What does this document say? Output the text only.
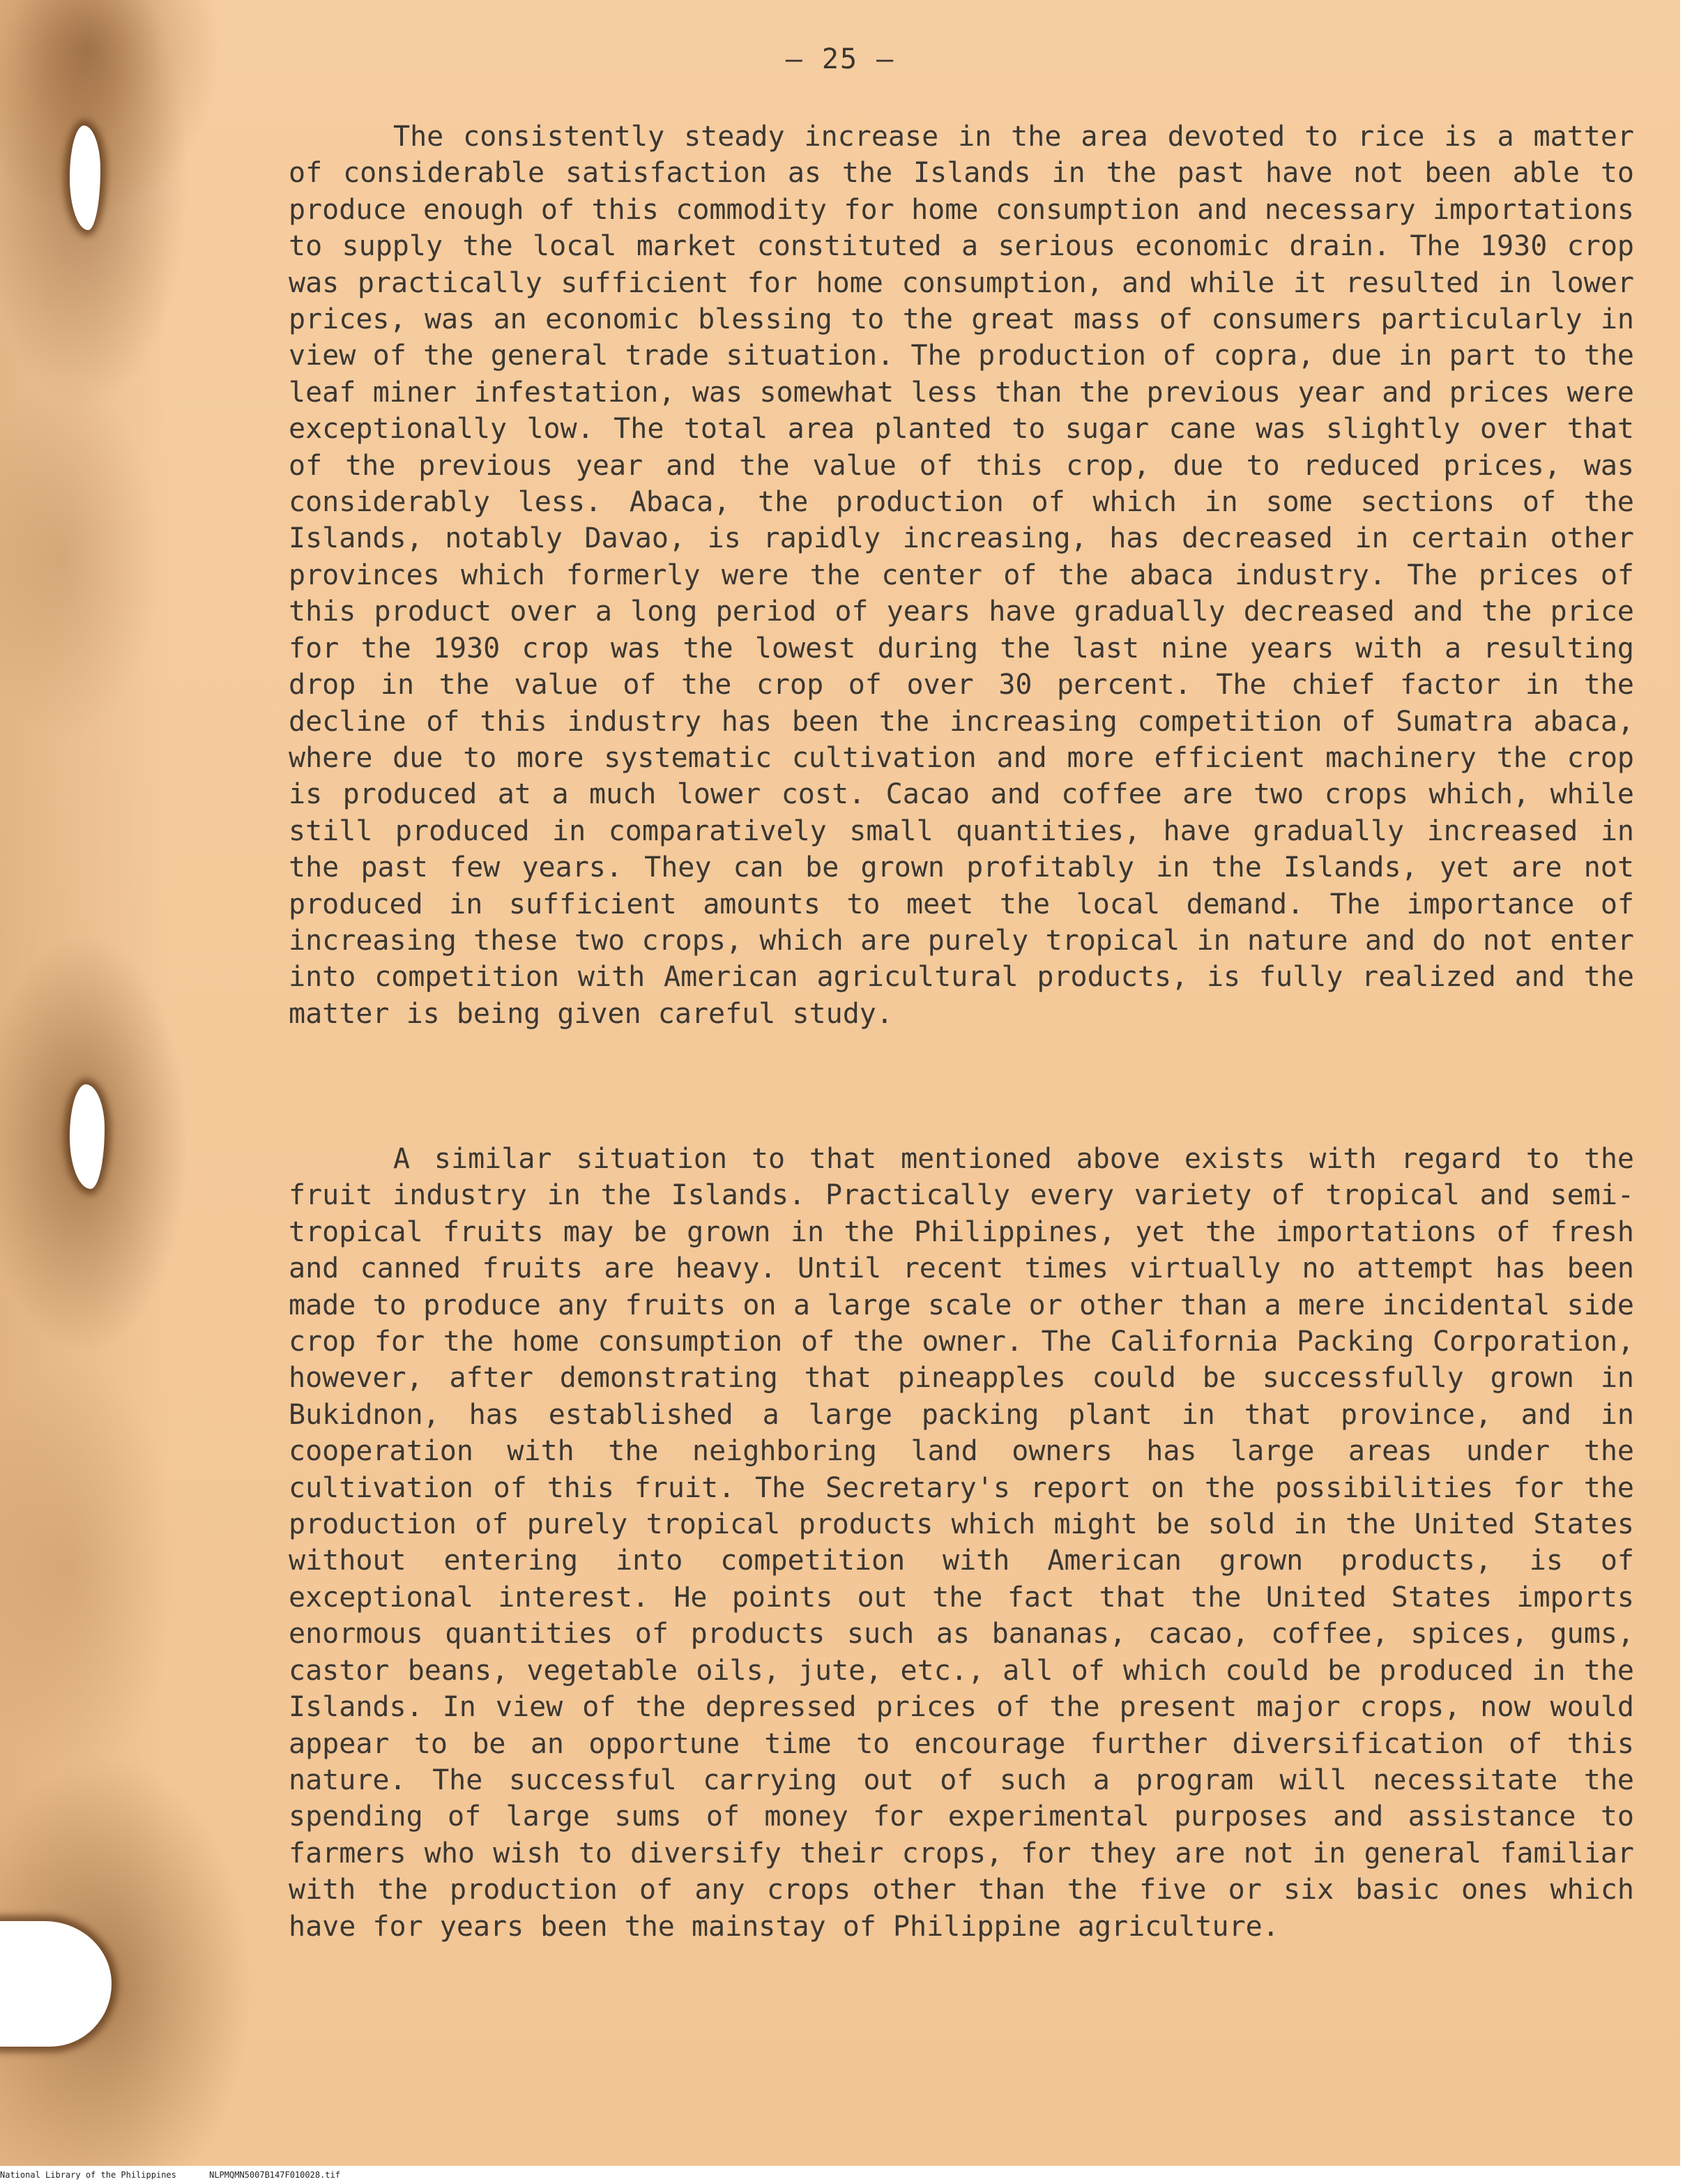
— 25 —
The consistently steady increase in the area devoted to rice is a matter of considerable satisfaction as the Islands in the past have not been able to produce enough of this commodity for home consumption and necessary importations to supply the local market constituted a serious economic drain. The 1930 crop was practically sufficient for home consumption, and while it resulted in lower prices, was an economic blessing to the great mass of consumers particularly in view of the general trade situation. The production of copra, due in part to the leaf miner infestation, was somewhat less than the previous year and prices were exceptionally low. The total area planted to sugar cane was slightly over that of the previous year and the value of this crop, due to reduced prices, was considerably less. Abaca, the production of which in some sections of the Islands, notably Davao, is rapidly increasing, has decreased in certain other provinces which formerly were the center of the abaca industry. The prices of this product over a long period of years have gradually decreased and the price for the 1930 crop was the lowest during the last nine years with a resulting drop in the value of the crop of over 30 percent. The chief factor in the decline of this industry has been the increasing competition of Sumatra abaca, where due to more systematic cultivation and more efficient machinery the crop is produced at a much lower cost. Cacao and coffee are two crops which, while still produced in comparatively small quantities, have gradually increased in the past few years. They can be grown profitably in the Islands, yet are not produced in sufficient amounts to meet the local demand. The importance of increasing these two crops, which are purely tropical in nature and do not enter into competition with American agricultural products, is fully realized and the matter is being given careful study.
A similar situation to that mentioned above exists with regard to the fruit industry in the Islands. Practically every variety of tropical and semi-tropical fruits may be grown in the Philippines, yet the importations of fresh and canned fruits are heavy. Until recent times virtually no attempt has been made to produce any fruits on a large scale or other than a mere incidental side crop for the home consumption of the owner. The California Packing Corporation, however, after demonstrating that pineapples could be successfully grown in Bukidnon, has established a large packing plant in that province, and in cooperation with the neighboring land owners has large areas under the cultivation of this fruit. The Secretary's report on the possibilities for the production of purely tropical products which might be sold in the United States without entering into competition with American grown products, is of exceptional interest. He points out the fact that the United States imports enormous quantities of products such as bananas, cacao, coffee, spices, gums, castor beans, vegetable oils, jute, etc., all of which could be produced in the Islands. In view of the depressed prices of the present major crops, now would appear to be an opportune time to encourage further diversification of this nature. The successful carrying out of such a program will necessitate the spending of large sums of money for experimental purposes and assistance to farmers who wish to diversify their crops, for they are not in general familiar with the production of any crops other than the five or six basic ones which have for years been the mainstay of Philippine agriculture.
National Library of the Philippines	NLPMQMN5007B147F010028.tif
